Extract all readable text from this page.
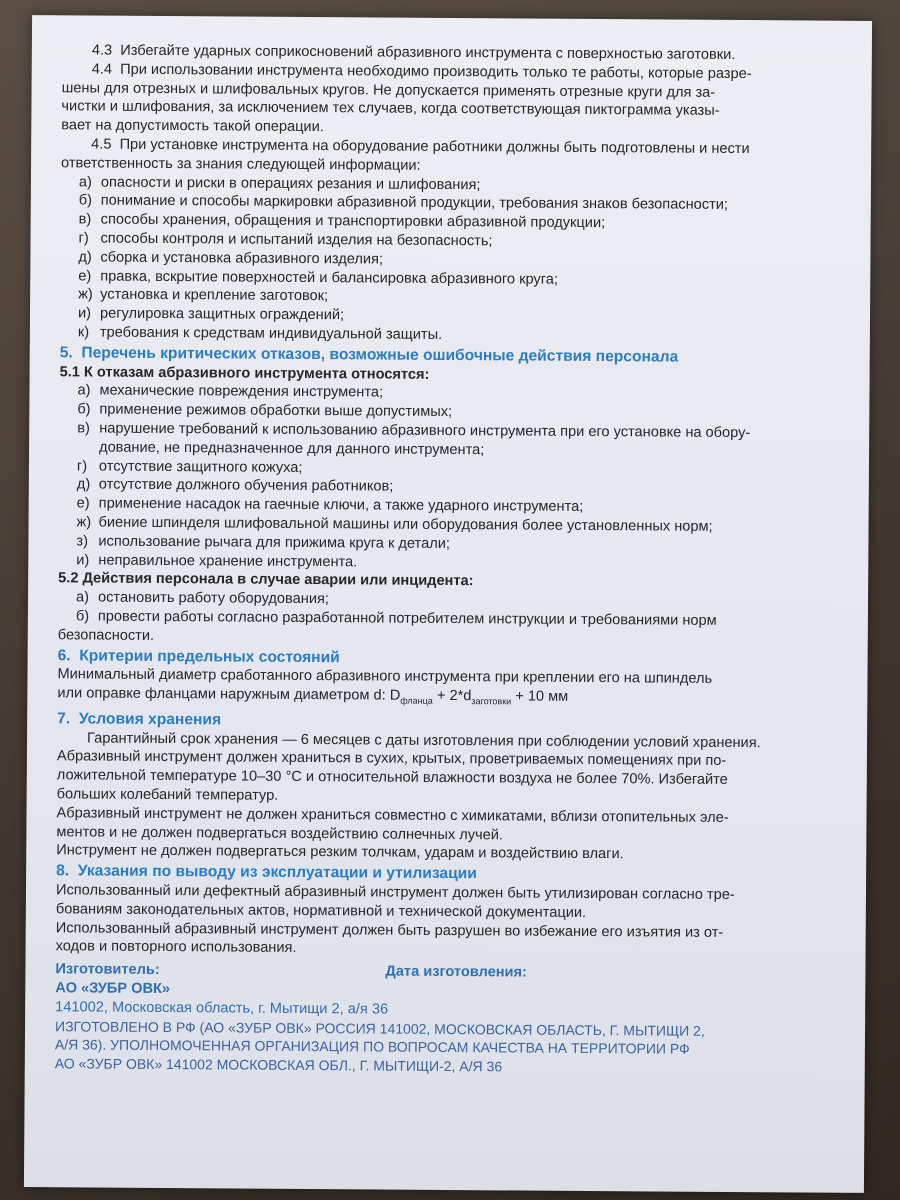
4.3  Избегайте ударных соприкосновений абразивного инструмента с поверхностью заготовки.

4.4  При использовании инструмента необходимо производить только те работы, которые разре-

шены для отрезных и шлифовальных кругов. Не допускается применять отрезные круги для за-

чистки и шлифования, за исключением тех случаев, когда соответствующая пиктограмма указы-

вает на допустимость такой операции.

4.5  При установке инструмента на оборудование работники должны быть подготовлены и нести

ответственность за знания следующей информации:

а) опасности и риски в операциях резания и шлифования;

б) понимание и способы маркировки абразивной продукции, требования знаков безопасности;

в) способы хранения, обращения и транспортировки абразивной продукции;

г) способы контроля и испытаний изделия на безопасность;

д) сборка и установка абразивного изделия;

е) правка, вскрытие поверхностей и балансировка абразивного круга;

ж) установка и крепление заготовок;

и) регулировка защитных ограждений;

к) требования к средствам индивидуальной защиты.

5.  Перечень критических отказов, возможные ошибочные действия персонала

5.1 К отказам абразивного инструмента относятся:

а) механические повреждения инструмента;

б) применение режимов обработки выше допустимых;

в) нарушение требований к использованию абразивного инструмента при его установке на обору-

дование, не предназначенное для данного инструмента;

г) отсутствие защитного кожуха;

д) отсутствие должного обучения работников;

е) применение насадок на гаечные ключи, а также ударного инструмента;

ж) биение шпинделя шлифовальной машины или оборудования более установленных норм;

з) использование рычага для прижима круга к детали;

и) неправильное хранение инструмента.

5.2 Действия персонала в случае аварии или инцидента:

а) остановить работу оборудования;

б) провести работы согласно разработанной потребителем инструкции и требованиями норм

безопасности.

6.  Критерии предельных состояний

Минимальный диаметр сработанного абразивного инструмента при креплении его на шпиндель

или оправке фланцами наружным диаметром d: $D_{фланца} + 2*d_{заготовки} + 10$ мм

7.  Условия хранения

Гарантийный срок хранения — 6 месяцев с даты изготовления при соблюдении условий хранения.

Абразивный инструмент должен храниться в сухих, крытых, проветриваемых помещениях при по-

ложительной температуре 10–30 °С и относительной влажности воздуха не более 70%. Избегайте

больших колебаний температур.

Абразивный инструмент не должен храниться совместно с химикатами, вблизи отопительных эле-

ментов и не должен подвергаться воздействию солнечных лучей.

Инструмент не должен подвергаться резким толчкам, ударам и воздействию влаги.

8.  Указания по выводу из эксплуатации и утилизации

Использованный или дефектный абразивный инструмент должен быть утилизирован согласно тре-

бованиям законодательных актов, нормативной и технической документации.

Использованный абразивный инструмент должен быть разрушен во избежание его изъятия из от-

ходов и повторного использования.

Изготовитель:	Дата изготовления:

АО «ЗУБР ОВК»

141002, Московская область, г. Мытищи 2, а/я 36

ИЗГОТОВЛЕНО В РФ (АО «ЗУБР ОВК» РОССИЯ 141002, МОСКОВСКАЯ ОБЛАСТЬ, Г. МЫТИЩИ 2,

А/Я 36). УПОЛНОМОЧЕННАЯ ОРГАНИЗАЦИЯ ПО ВОПРОСАМ КАЧЕСТВА НА ТЕРРИТОРИИ РФ

АО «ЗУБР ОВК» 141002 МОСКОВСКАЯ ОБЛ., Г. МЫТИЩИ-2, А/Я 36
